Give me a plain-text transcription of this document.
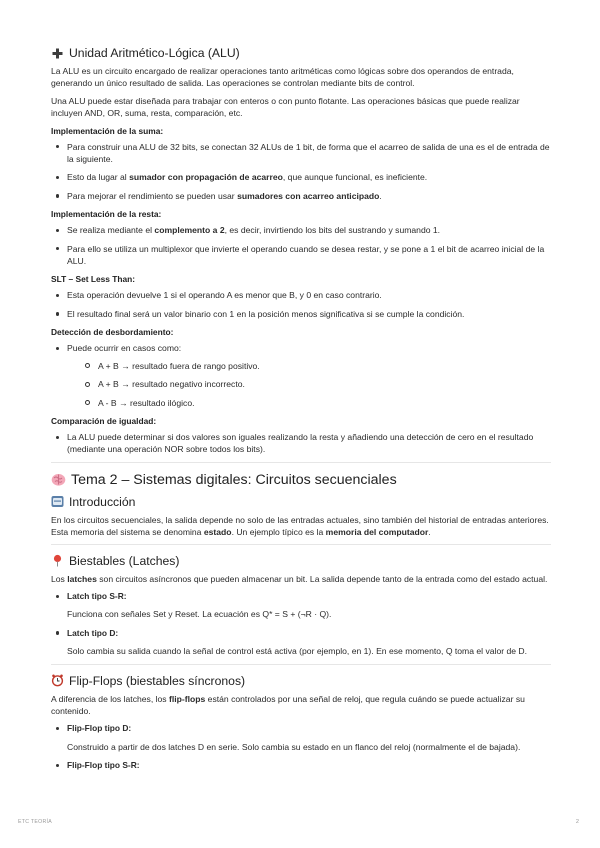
Unidad Aritmético-Lógica (ALU)

La ALU es un circuito encargado de realizar operaciones tanto aritméticas como lógicas sobre dos operandos de entrada, generando un único resultado de salida. Las operaciones se controlan mediante bits de control.

Una ALU puede estar diseñada para trabajar con enteros o con punto flotante. Las operaciones básicas que puede realizar incluyen AND, OR, suma, resta, comparación, etc.

Implementación de la suma:
Para construir una ALU de 32 bits, se conectan 32 ALUs de 1 bit, de forma que el acarreo de salida de una es el de entrada de la siguiente.
Esto da lugar al sumador con propagación de acarreo, que aunque funcional, es ineficiente.
Para mejorar el rendimiento se pueden usar sumadores con acarreo anticipado.
Implementación de la resta:
Se realiza mediante el complemento a 2, es decir, invirtiendo los bits del sustrando y sumando 1.
Para ello se utiliza un multiplexor que invierte el operando cuando se desea restar, y se pone a 1 el bit de acarreo inicial de la ALU.
SLT – Set Less Than:
Esta operación devuelve 1 si el operando A es menor que B, y 0 en caso contrario.
El resultado final será un valor binario con 1 en la posición menos significativa si se cumple la condición.
Detección de desbordamiento:
Puede ocurrir en casos como:
A + B → resultado fuera de rango positivo.
A + B → resultado negativo incorrecto.
A - B → resultado ilógico.
Comparación de igualdad:
La ALU puede determinar si dos valores son iguales realizando la resta y añadiendo una detección de cero en el resultado (mediante una operación NOR sobre todos los bits).
Tema 2 – Sistemas digitales: Circuitos secuenciales
Introducción

En los circuitos secuenciales, la salida depende no solo de las entradas actuales, sino también del historial de entradas anteriores. Esta memoria del sistema se denomina estado. Un ejemplo típico es la memoria del computador.

Biestables (Latches)

Los latches son circuitos asíncronos que pueden almacenar un bit. La salida depende tanto de la entrada como del estado actual.

Latch tipo S-R:
Funciona con señales Set y Reset. La ecuación es Q* = S + (¬R · Q).
Latch tipo D:
Solo cambia su salida cuando la señal de control está activa (por ejemplo, en 1). En ese momento, Q toma el valor de D.
Flip-Flops (biestables síncronos)

A diferencia de los latches, los flip-flops están controlados por una señal de reloj, que regula cuándo se puede actualizar su contenido.

Flip-Flop tipo D:
Construido a partir de dos latches D en serie. Solo cambia su estado en un flanco del reloj (normalmente el de bajada).
Flip-Flop tipo S-R:
ETC TEORÍA	2
